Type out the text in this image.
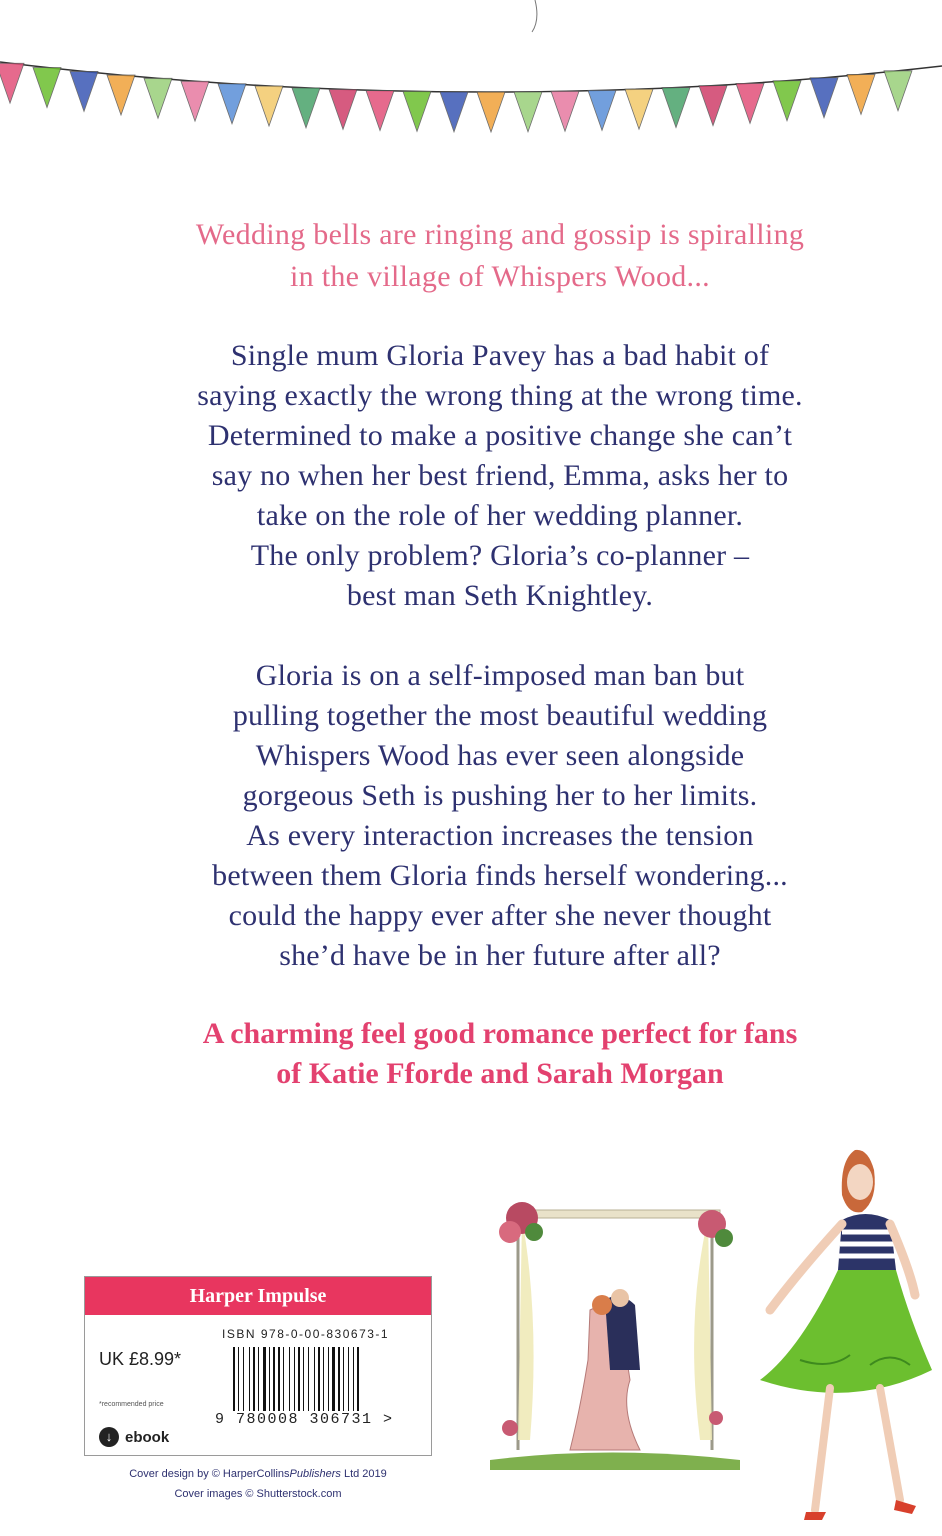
Wedding bells are ringing and gossip is spiralling
in the village of Whispers Wood...
Single mum Gloria Pavey has a bad habit of
saying exactly the wrong thing at the wrong time.
Determined to make a positive change she can’t
say no when her best friend, Emma, asks her to
take on the role of her wedding planner.
The only problem? Gloria’s co-planner –
best man Seth Knightley.
Gloria is on a self-imposed man ban but
pulling together the most beautiful wedding
Whispers Wood has ever seen alongside
gorgeous Seth is pushing her to her limits.
As every interaction increases the tension
between them Gloria finds herself wondering...
could the happy ever after she never thought
she’d have be in her future after all?
A charming feel good romance perfect for fans
of Katie Fforde and Sarah Morgan
Harper Impulse
UK £8.99*
*recommended price
↓ ebook
ISBN 978-0-00-830673-1
9 780008 306731 >
Cover design by © HarperCollinsPublishers Ltd 2019
Cover images © Shutterstock.com
